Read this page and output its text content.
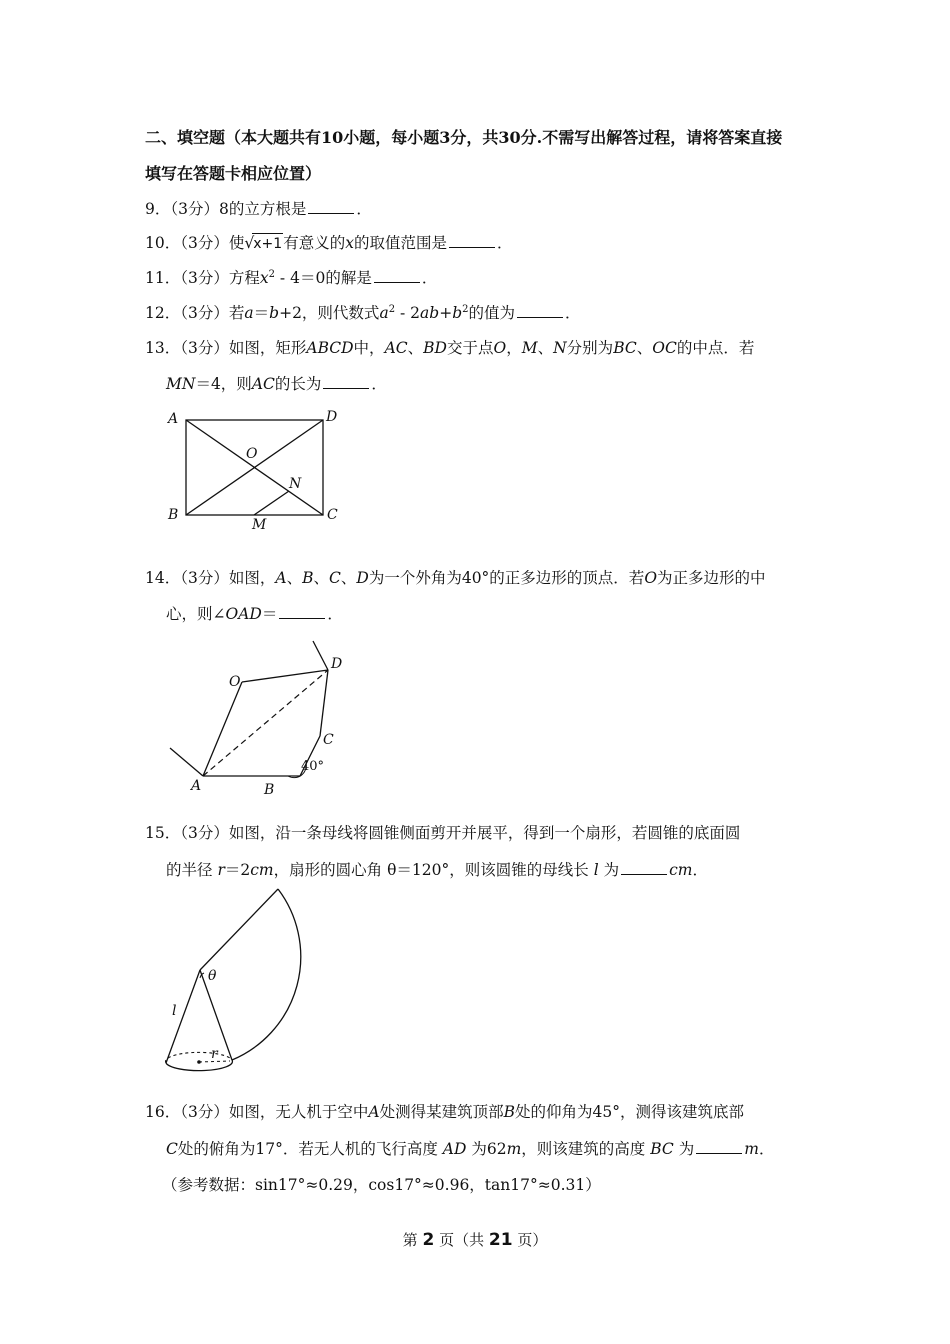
二、填空题（本大题共有10小题，每小题3分，共30分.不需写出解答过程，请将答案直接
填写在答题卡相应位置）
9．（3分）8的立方根是	．
10．（3分）使√x+1有意义的x的取值范围是	．
11．（3分）方程$x^2 - 4=0$的解是	．
12．（3分）若a＝b+2，则代数式$a^2 - 2ab+b^2$的值为	．
13．（3分）如图，矩形ABCD中，AC、BD交于点O，M、N分别为BC、OC的中点．若
MN＝4，则AC的长为	．
A	D
B	C
O
N
M
14．（3分）如图，A、B、C、D为一个外角为40°的正多边形的顶点．若O为正多边形的中
心，则∠OAD＝	．
O
D
C
A	B
40°
15．（3分）如图，沿一条母线将圆锥侧面剪开并展平，得到一个扇形，若圆锥的底面圆
的半径 r＝2cm，扇形的圆心角 θ＝120°，则该圆锥的母线长 l 为	cm．
θ
l
r
16．（3分）如图，无人机于空中A处测得某建筑顶部B处的仰角为45°，测得该建筑底部
C处的俯角为17°．若无人机的飞行高度 AD 为62m，则该建筑的高度 BC 为	m．
（参考数据：sin17°≈0.29，cos17°≈0.96，tan17°≈0.31）
第 2 页（共 21 页）
